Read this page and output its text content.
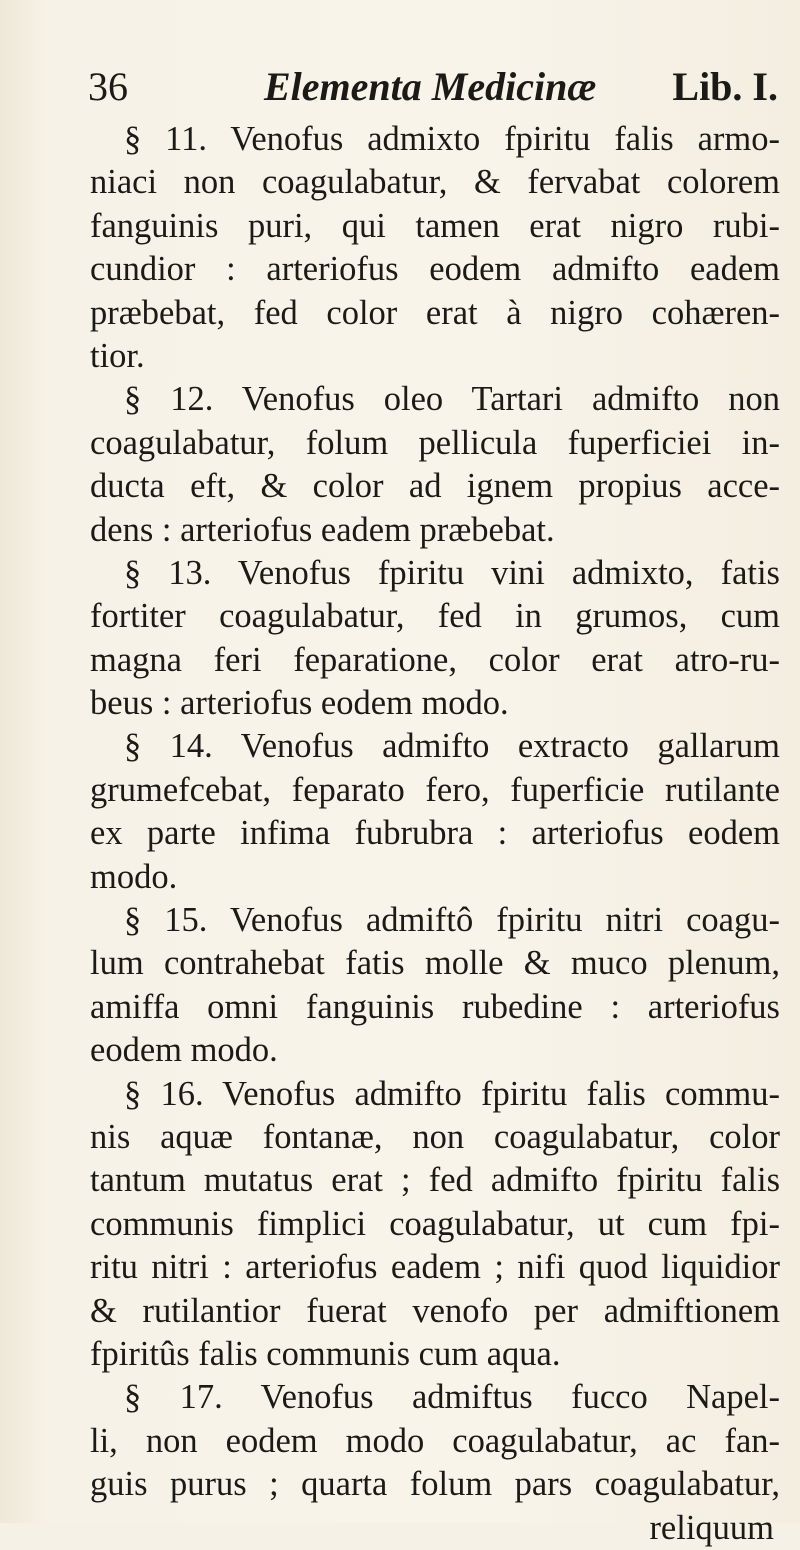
36	Elementa Medicinæ Lib. I.
§ 11. Venofus admixto fpiritu falis armo-
niaci non coagulabatur, & fervabat colorem
fanguinis puri, qui tamen erat nigro rubi-
cundior : arteriofus eodem admifto eadem
præbebat, fed color erat à nigro cohæren-
tior.
§ 12. Venofus oleo Tartari admifto non
coagulabatur, folum pellicula fuperficiei in-
ducta eft, & color ad ignem propius acce-
dens : arteriofus eadem præbebat.
§ 13. Venofus fpiritu vini admixto, fatis
fortiter coagulabatur, fed in grumos, cum
magna feri feparatione, color erat atro-ru-
beus : arteriofus eodem modo.
§ 14. Venofus admifto extracto gallarum
grumefcebat, feparato fero, fuperficie rutilante
ex parte infima fubrubra : arteriofus eodem
modo.
§ 15. Venofus admiftô fpiritu nitri coagu-
lum contrahebat fatis molle & muco plenum,
amiffa omni fanguinis rubedine : arteriofus
eodem modo.
§ 16. Venofus admifto fpiritu falis commu-
nis aquæ fontanæ, non coagulabatur, color
tantum mutatus erat ; fed admifto fpiritu falis
communis fimplici coagulabatur, ut cum fpi-
ritu nitri : arteriofus eadem ; nifi quod liquidior
& rutilantior fuerat venofo per admiftionem
fpiritûs falis communis cum aqua.
§ 17. Venofus admiftus fucco Napel-
li, non eodem modo coagulabatur, ac fan-
guis purus ; quarta folum pars coagulabatur,
reliquum
